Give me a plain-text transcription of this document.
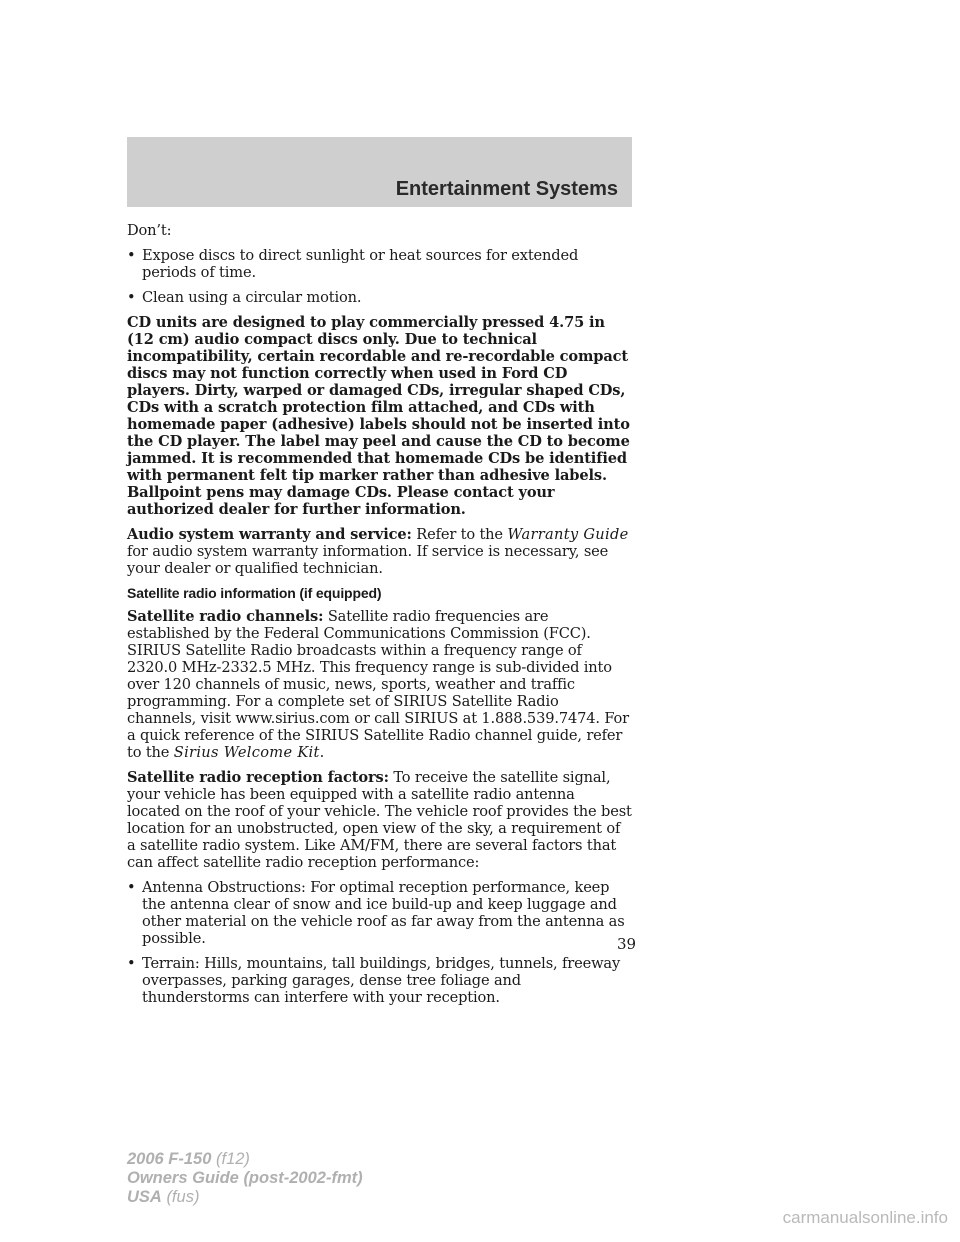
Entertainment Systems

Don’t:

• Expose discs to direct sunlight or heat sources for extended periods of time.
• Clean using a circular motion.

CD units are designed to play commercially pressed 4.75 in (12 cm) audio compact discs only. Due to technical incompatibility, certain recordable and re-recordable compact discs may not function correctly when used in Ford CD players. Dirty, warped or damaged CDs, irregular shaped CDs, CDs with a scratch protection film attached, and CDs with homemade paper (adhesive) labels should not be inserted into the CD player. The label may peel and cause the CD to become jammed. It is recommended that homemade CDs be identified with permanent felt tip marker rather than adhesive labels. Ballpoint pens may damage CDs. Please contact your authorized dealer for further information.

Audio system warranty and service: Refer to the Warranty Guide for audio system warranty information. If service is necessary, see your dealer or qualified technician.

Satellite radio information (if equipped)

Satellite radio channels: Satellite radio frequencies are established by the Federal Communications Commission (FCC). SIRIUS Satellite Radio broadcasts within a frequency range of 2320.0 MHz-2332.5 MHz. This frequency range is sub-divided into over 120 channels of music, news, sports, weather and traffic programming. For a complete set of SIRIUS Satellite Radio channels, visit www.sirius.com or call SIRIUS at 1.888.539.7474. For a quick reference of the SIRIUS Satellite Radio channel guide, refer to the Sirius Welcome Kit.

Satellite radio reception factors: To receive the satellite signal, your vehicle has been equipped with a satellite radio antenna located on the roof of your vehicle. The vehicle roof provides the best location for an unobstructed, open view of the sky, a requirement of a satellite radio system. Like AM/FM, there are several factors that can affect satellite radio reception performance:

• Antenna Obstructions: For optimal reception performance, keep the antenna clear of snow and ice build-up and keep luggage and other material on the vehicle roof as far away from the antenna as possible.
• Terrain: Hills, mountains, tall buildings, bridges, tunnels, freeway overpasses, parking garages, dense tree foliage and thunderstorms can interfere with your reception.
39
2006 F-150 (f12)
Owners Guide (post-2002-fmt)
USA (fus)
carmanualsonline.info
